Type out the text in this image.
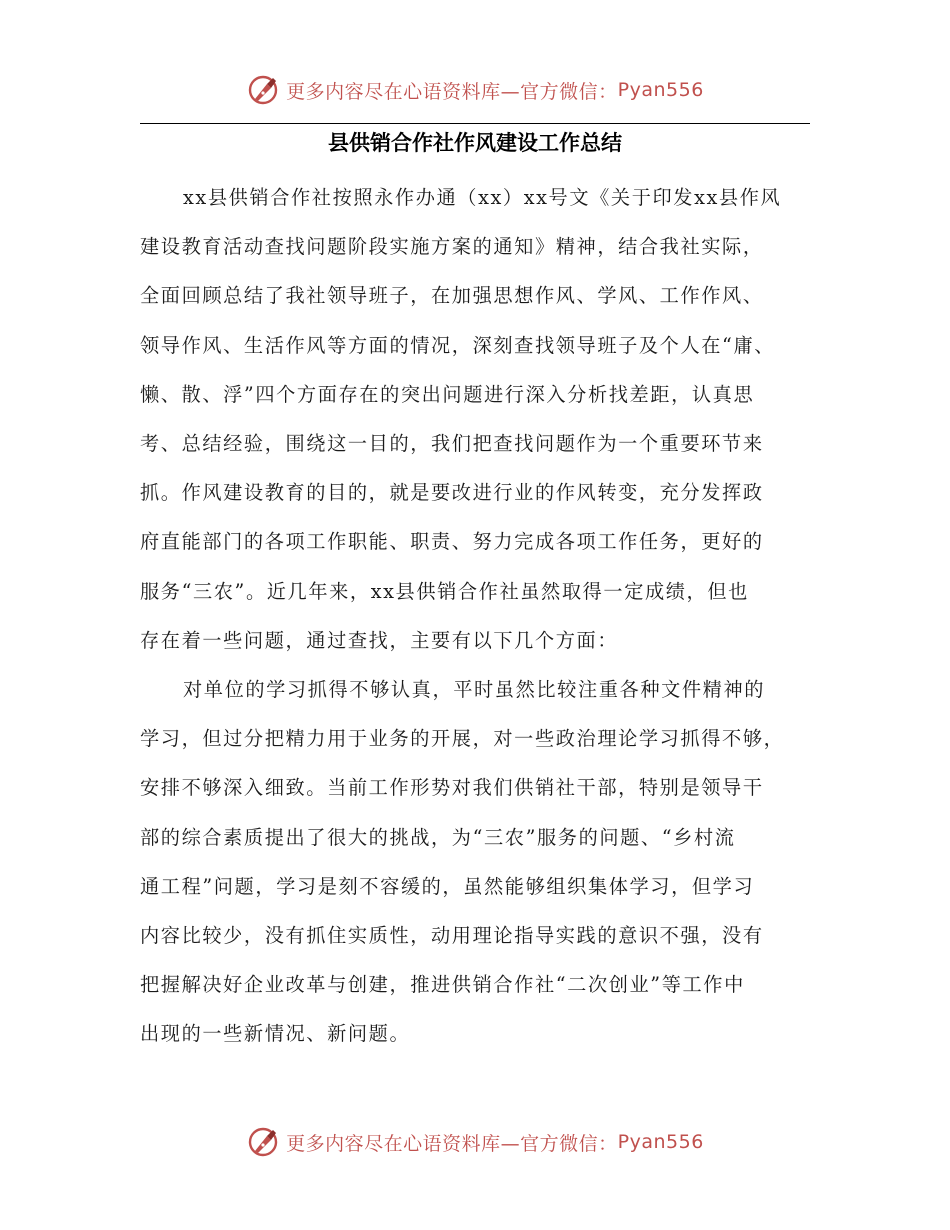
更多内容尽在心语资料库—官方微信： Pyan556
县供销合作社作风建设工作总结

xx县供销合作社按照永作办通（xx）xx号文《关于印发xx县作风
建设教育活动查找问题阶段实施方案的通知》精神，结合我社实际，
全面回顾总结了我社领导班子，在加强思想作风、学风、工作作风、
领导作风、生活作风等方面的情况，深刻查找领导班子及个人在“庸、
懒、散、浮”四个方面存在的突出问题进行深入分析找差距，认真思
考、总结经验，围绕这一目的，我们把查找问题作为一个重要环节来
抓。作风建设教育的目的，就是要改进行业的作风转变，充分发挥政
府直能部门的各项工作职能、职责、努力完成各项工作任务，更好的
服务“三农”。近几年来，xx县供销合作社虽然取得一定成绩，但也
存在着一些问题，通过查找，主要有以下几个方面：

对单位的学习抓得不够认真，平时虽然比较注重各种文件精神的
学习，但过分把精力用于业务的开展，对一些政治理论学习抓得不够，
安排不够深入细致。当前工作形势对我们供销社干部，特别是领导干
部的综合素质提出了很大的挑战，为“三农”服务的问题、“乡村流
通工程”问题，学习是刻不容缓的，虽然能够组织集体学习，但学习
内容比较少，没有抓住实质性，动用理论指导实践的意识不强，没有
把握解决好企业改革与创建，推进供销合作社“二次创业”等工作中
出现的一些新情况、新问题。

更多内容尽在心语资料库—官方微信： Pyan556
